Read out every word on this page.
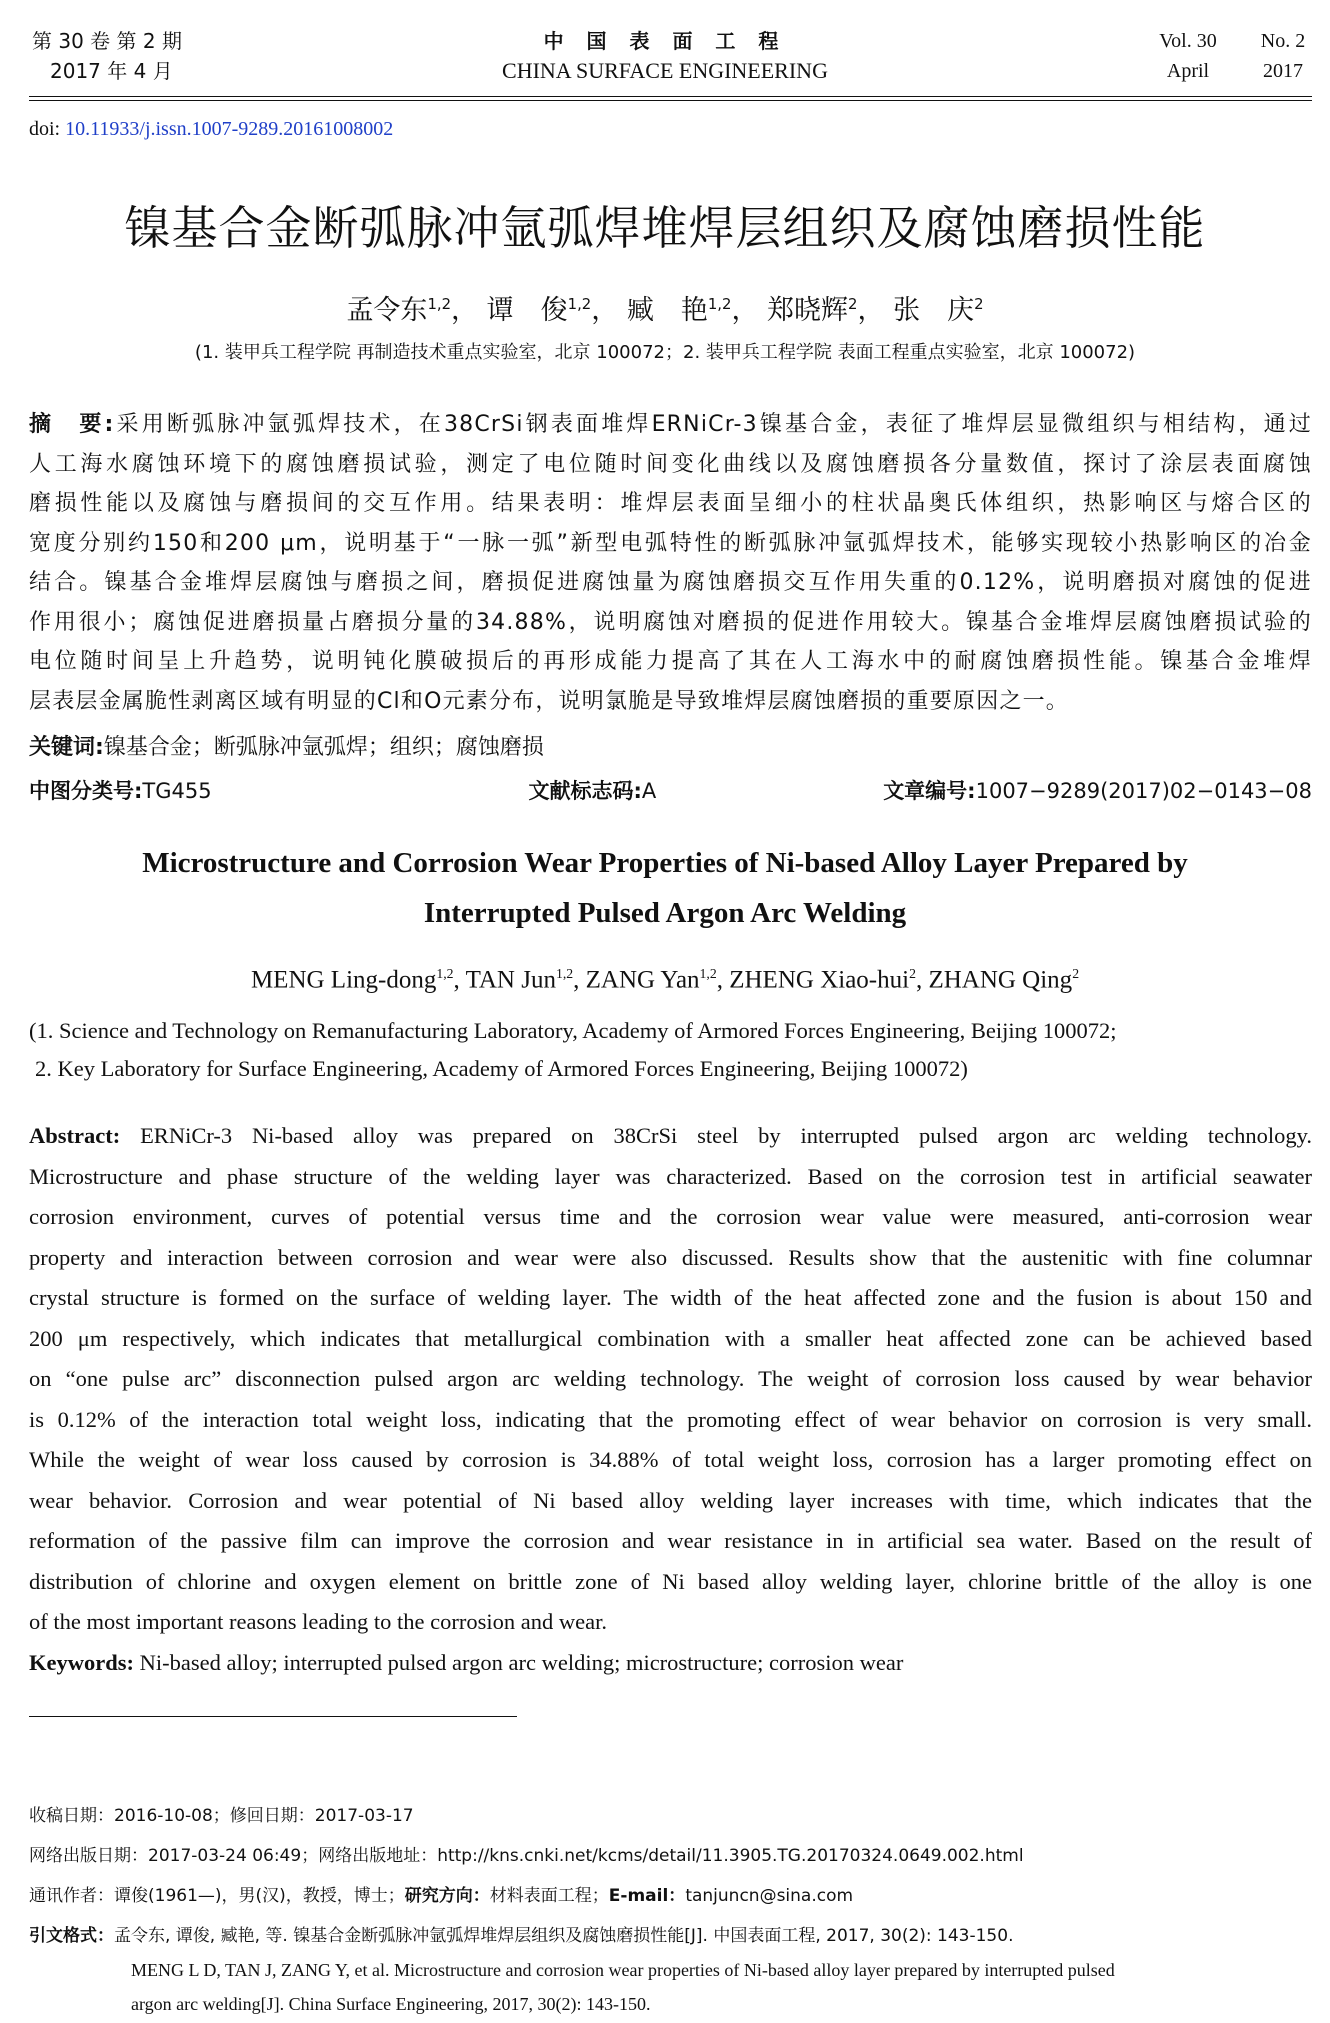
第 30 卷 第 2 期
2017 年 4 月
中 国 表 面 工 程
CHINA SURFACE ENGINEERING
Vol. 30
April
No. 2
2017
doi: 10.11933/j.issn.1007-9289.20161008002
镍基合金断弧脉冲氩弧焊堆焊层组织及腐蚀磨损性能
孟令东$^{1,2}$， 谭　俊$^{1,2}$， 臧　艳$^{1,2}$， 郑晓辉$^2$， 张　庆$^2$
(1. 装甲兵工程学院 再制造技术重点实验室，北京 100072；2. 装甲兵工程学院 表面工程重点实验室，北京 100072)
摘　要:采用断弧脉冲氩弧焊技术，在38CrSi钢表面堆焊ERNiCr-3镍基合金，表征了堆焊层显微组织与相结构，通过
人工海水腐蚀环境下的腐蚀磨损试验，测定了电位随时间变化曲线以及腐蚀磨损各分量数值，探讨了涂层表面腐蚀
磨损性能以及腐蚀与磨损间的交互作用。结果表明：堆焊层表面呈细小的柱状晶奥氏体组织，热影响区与熔合区的
宽度分别约150和200 μm，说明基于“一脉一弧”新型电弧特性的断弧脉冲氩弧焊技术，能够实现较小热影响区的冶金
结合。镍基合金堆焊层腐蚀与磨损之间，磨损促进腐蚀量为腐蚀磨损交互作用失重的0.12%，说明磨损对腐蚀的促进
作用很小；腐蚀促进磨损量占磨损分量的34.88%，说明腐蚀对磨损的促进作用较大。镍基合金堆焊层腐蚀磨损试验的
电位随时间呈上升趋势，说明钝化膜破损后的再形成能力提高了其在人工海水中的耐腐蚀磨损性能。镍基合金堆焊
层表层金属脆性剥离区域有明显的Cl和O元素分布，说明氯脆是导致堆焊层腐蚀磨损的重要原因之一。
关键词:镍基合金；断弧脉冲氩弧焊；组织；腐蚀磨损
中图分类号:TG455	文献标志码:A	文章编号:1007−9289(2017)02−0143−08
Microstructure and Corrosion Wear Properties of Ni-based Alloy Layer Prepared by
Interrupted Pulsed Argon Arc Welding
MENG Ling-dong$^{1,2}$, TAN Jun$^{1,2}$, ZANG Yan$^{1,2}$, ZHENG Xiao-hui$^2$, ZHANG Qing$^2$
(1. Science and Technology on Remanufacturing Laboratory, Academy of Armored Forces Engineering, Beijing 100072;
2. Key Laboratory for Surface Engineering, Academy of Armored Forces Engineering, Beijing 100072)
Abstract: ERNiCr-3 Ni-based alloy was prepared on 38CrSi steel by interrupted pulsed argon arc welding technology.
Microstructure and phase structure of the welding layer was characterized. Based on the corrosion test in artificial seawater
corrosion environment, curves of potential versus time and the corrosion wear value were measured, anti-corrosion wear
property and interaction between corrosion and wear were also discussed. Results show that the austenitic with fine columnar
crystal structure is formed on the surface of welding layer. The width of the heat affected zone and the fusion is about 150 and
200 μm respectively, which indicates that metallurgical combination with a smaller heat affected zone can be achieved based
on “one pulse arc” disconnection pulsed argon arc welding technology. The weight of corrosion loss caused by wear behavior
is 0.12% of the interaction total weight loss, indicating that the promoting effect of wear behavior on corrosion is very small.
While the weight of wear loss caused by corrosion is 34.88% of total weight loss, corrosion has a larger promoting effect on
wear behavior. Corrosion and wear potential of Ni based alloy welding layer increases with time, which indicates that the
reformation of the passive film can improve the corrosion and wear resistance in in artificial sea water. Based on the result of
distribution of chlorine and oxygen element on brittle zone of Ni based alloy welding layer, chlorine brittle of the alloy is one
of the most important reasons leading to the corrosion and wear.
Keywords: Ni-based alloy; interrupted pulsed argon arc welding; microstructure; corrosion wear
收稿日期：2016-10-08；修回日期：2017-03-17
网络出版日期：2017-03-24 06:49；网络出版地址：http://kns.cnki.net/kcms/detail/11.3905.TG.20170324.0649.002.html
通讯作者：谭俊(1961—)，男(汉)，教授，博士；研究方向：材料表面工程；E-mail：tanjuncn@sina.com
引文格式：孟令东, 谭俊, 臧艳, 等. 镍基合金断弧脉冲氩弧焊堆焊层组织及腐蚀磨损性能[J]. 中国表面工程, 2017, 30(2): 143-150.
MENG L D, TAN J, ZANG Y, et al. Microstructure and corrosion wear properties of Ni-based alloy layer prepared by interrupted pulsed
argon arc welding[J]. China Surface Engineering, 2017, 30(2): 143-150.
